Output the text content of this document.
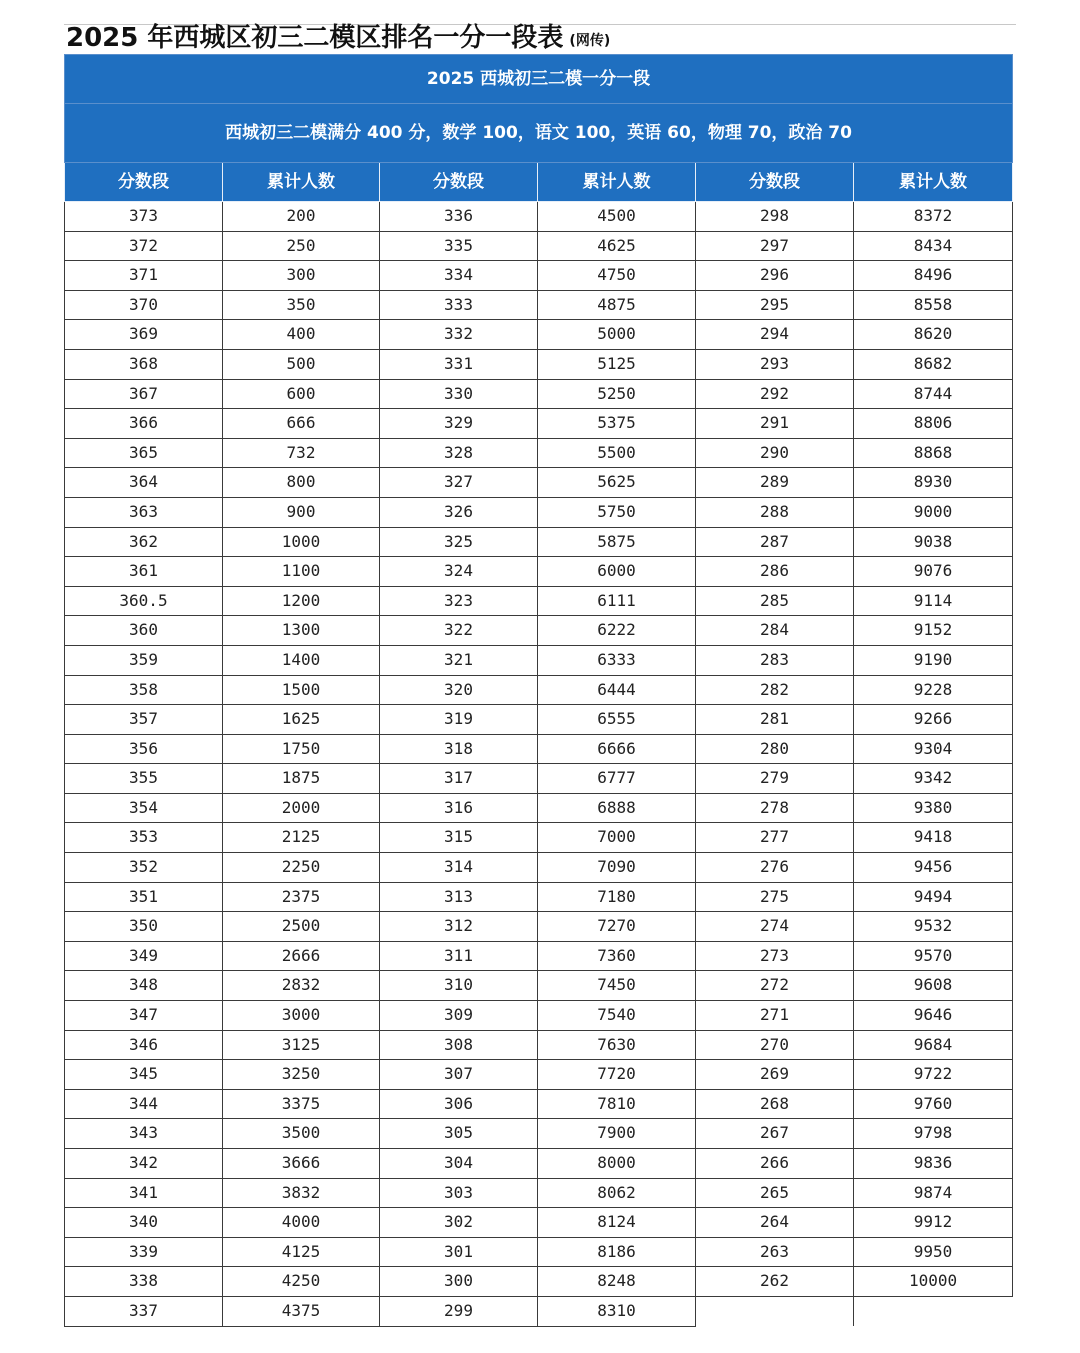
2025 年西城区初三二模区排名一分一段表 (网传)
2025 西城初三二模一分一段					
西城初三二模满分 400 分，数学 100，语文 100，英语 60，物理 70，政治 70					
分数段	累计人数	分数段	累计人数	分数段	累计人数
373	200	336	4500	298	8372
372	250	335	4625	297	8434
371	300	334	4750	296	8496
370	350	333	4875	295	8558
369	400	332	5000	294	8620
368	500	331	5125	293	8682
367	600	330	5250	292	8744
366	666	329	5375	291	8806
365	732	328	5500	290	8868
364	800	327	5625	289	8930
363	900	326	5750	288	9000
362	1000	325	5875	287	9038
361	1100	324	6000	286	9076
360.5	1200	323	6111	285	9114
360	1300	322	6222	284	9152
359	1400	321	6333	283	9190
358	1500	320	6444	282	9228
357	1625	319	6555	281	9266
356	1750	318	6666	280	9304
355	1875	317	6777	279	9342
354	2000	316	6888	278	9380
353	2125	315	7000	277	9418
352	2250	314	7090	276	9456
351	2375	313	7180	275	9494
350	2500	312	7270	274	9532
349	2666	311	7360	273	9570
348	2832	310	7450	272	9608
347	3000	309	7540	271	9646
346	3125	308	7630	270	9684
345	3250	307	7720	269	9722
344	3375	306	7810	268	9760
343	3500	305	7900	267	9798
342	3666	304	8000	266	9836
341	3832	303	8062	265	9874
340	4000	302	8124	264	9912
339	4125	301	8186	263	9950
338	4250	300	8248	262	10000
337	4375	299	8310		
